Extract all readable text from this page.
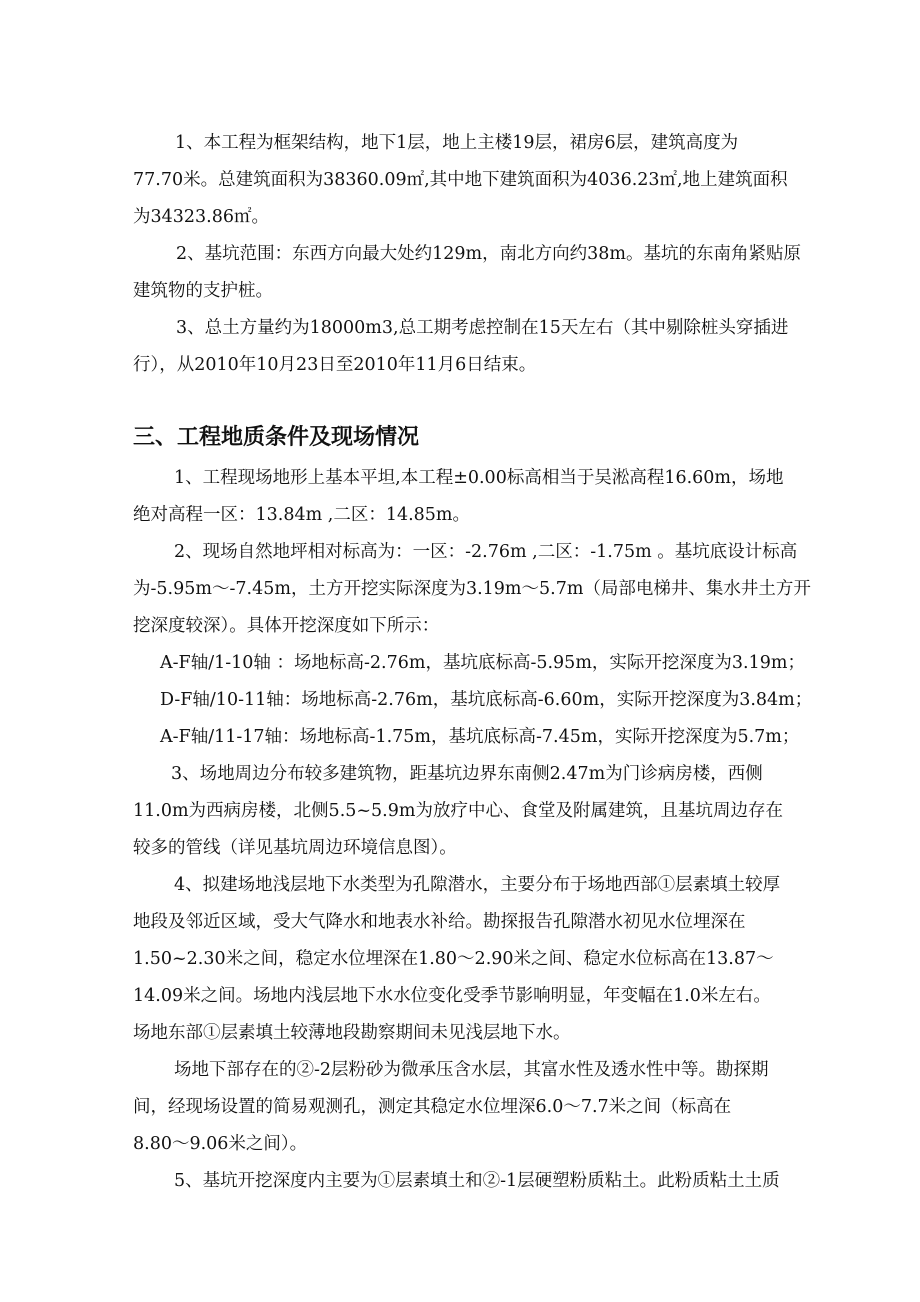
1、本工程为框架结构，地下1层，地上主楼19层，裙房6层，建筑高度为
77.70米。总建筑面积为38360.09㎡,其中地下建筑面积为4036.23㎡,地上建筑面积
为34323.86㎡。
2、基坑范围：东西方向最大处约129m，南北方向约38m。基坑的东南角紧贴原
建筑物的支护桩。
3、总土方量约为18000m3,总工期考虑控制在15天左右（其中剔除桩头穿插进
行），从2010年10月23日至2010年11月6日结束。
三、工程地质条件及现场情况
1、工程现场地形上基本平坦,本工程±0.00标高相当于吴淞高程16.60m，场地
绝对高程一区：13.84m ,二区：14.85m。
2、现场自然地坪相对标高为：一区：-2.76m ,二区：-1.75m 。基坑底设计标高
为-5.95m～-7.45m，土方开挖实际深度为3.19m～5.7m（局部电梯井、集水井土方开
挖深度较深）。具体开挖深度如下所示：
A-F轴/1-10轴 ：场地标高-2.76m，基坑底标高-5.95m，实际开挖深度为3.19m；
D-F轴/10-11轴：场地标高-2.76m，基坑底标高-6.60m，实际开挖深度为3.84m；
A-F轴/11-17轴：场地标高-1.75m，基坑底标高-7.45m，实际开挖深度为5.7m；
3、场地周边分布较多建筑物，距基坑边界东南侧2.47m为门诊病房楼，西侧
11.0m为西病房楼，北侧5.5~5.9m为放疗中心、食堂及附属建筑，且基坑周边存在
较多的管线（详见基坑周边环境信息图）。
4、拟建场地浅层地下水类型为孔隙潜水，主要分布于场地西部①层素填土较厚
地段及邻近区域，受大气降水和地表水补给。勘探报告孔隙潜水初见水位埋深在
1.50~2.30米之间，稳定水位埋深在1.80～2.90米之间、稳定水位标高在13.87～
14.09米之间。场地内浅层地下水水位变化受季节影响明显，年变幅在1.0米左右。
场地东部①层素填土较薄地段勘察期间未见浅层地下水。
场地下部存在的②-2层粉砂为微承压含水层，其富水性及透水性中等。勘探期
间，经现场设置的简易观测孔，测定其稳定水位埋深6.0～7.7米之间（标高在
8.80～9.06米之间）。
5、基坑开挖深度内主要为①层素填土和②-1层硬塑粉质粘土。此粉质粘土土质
